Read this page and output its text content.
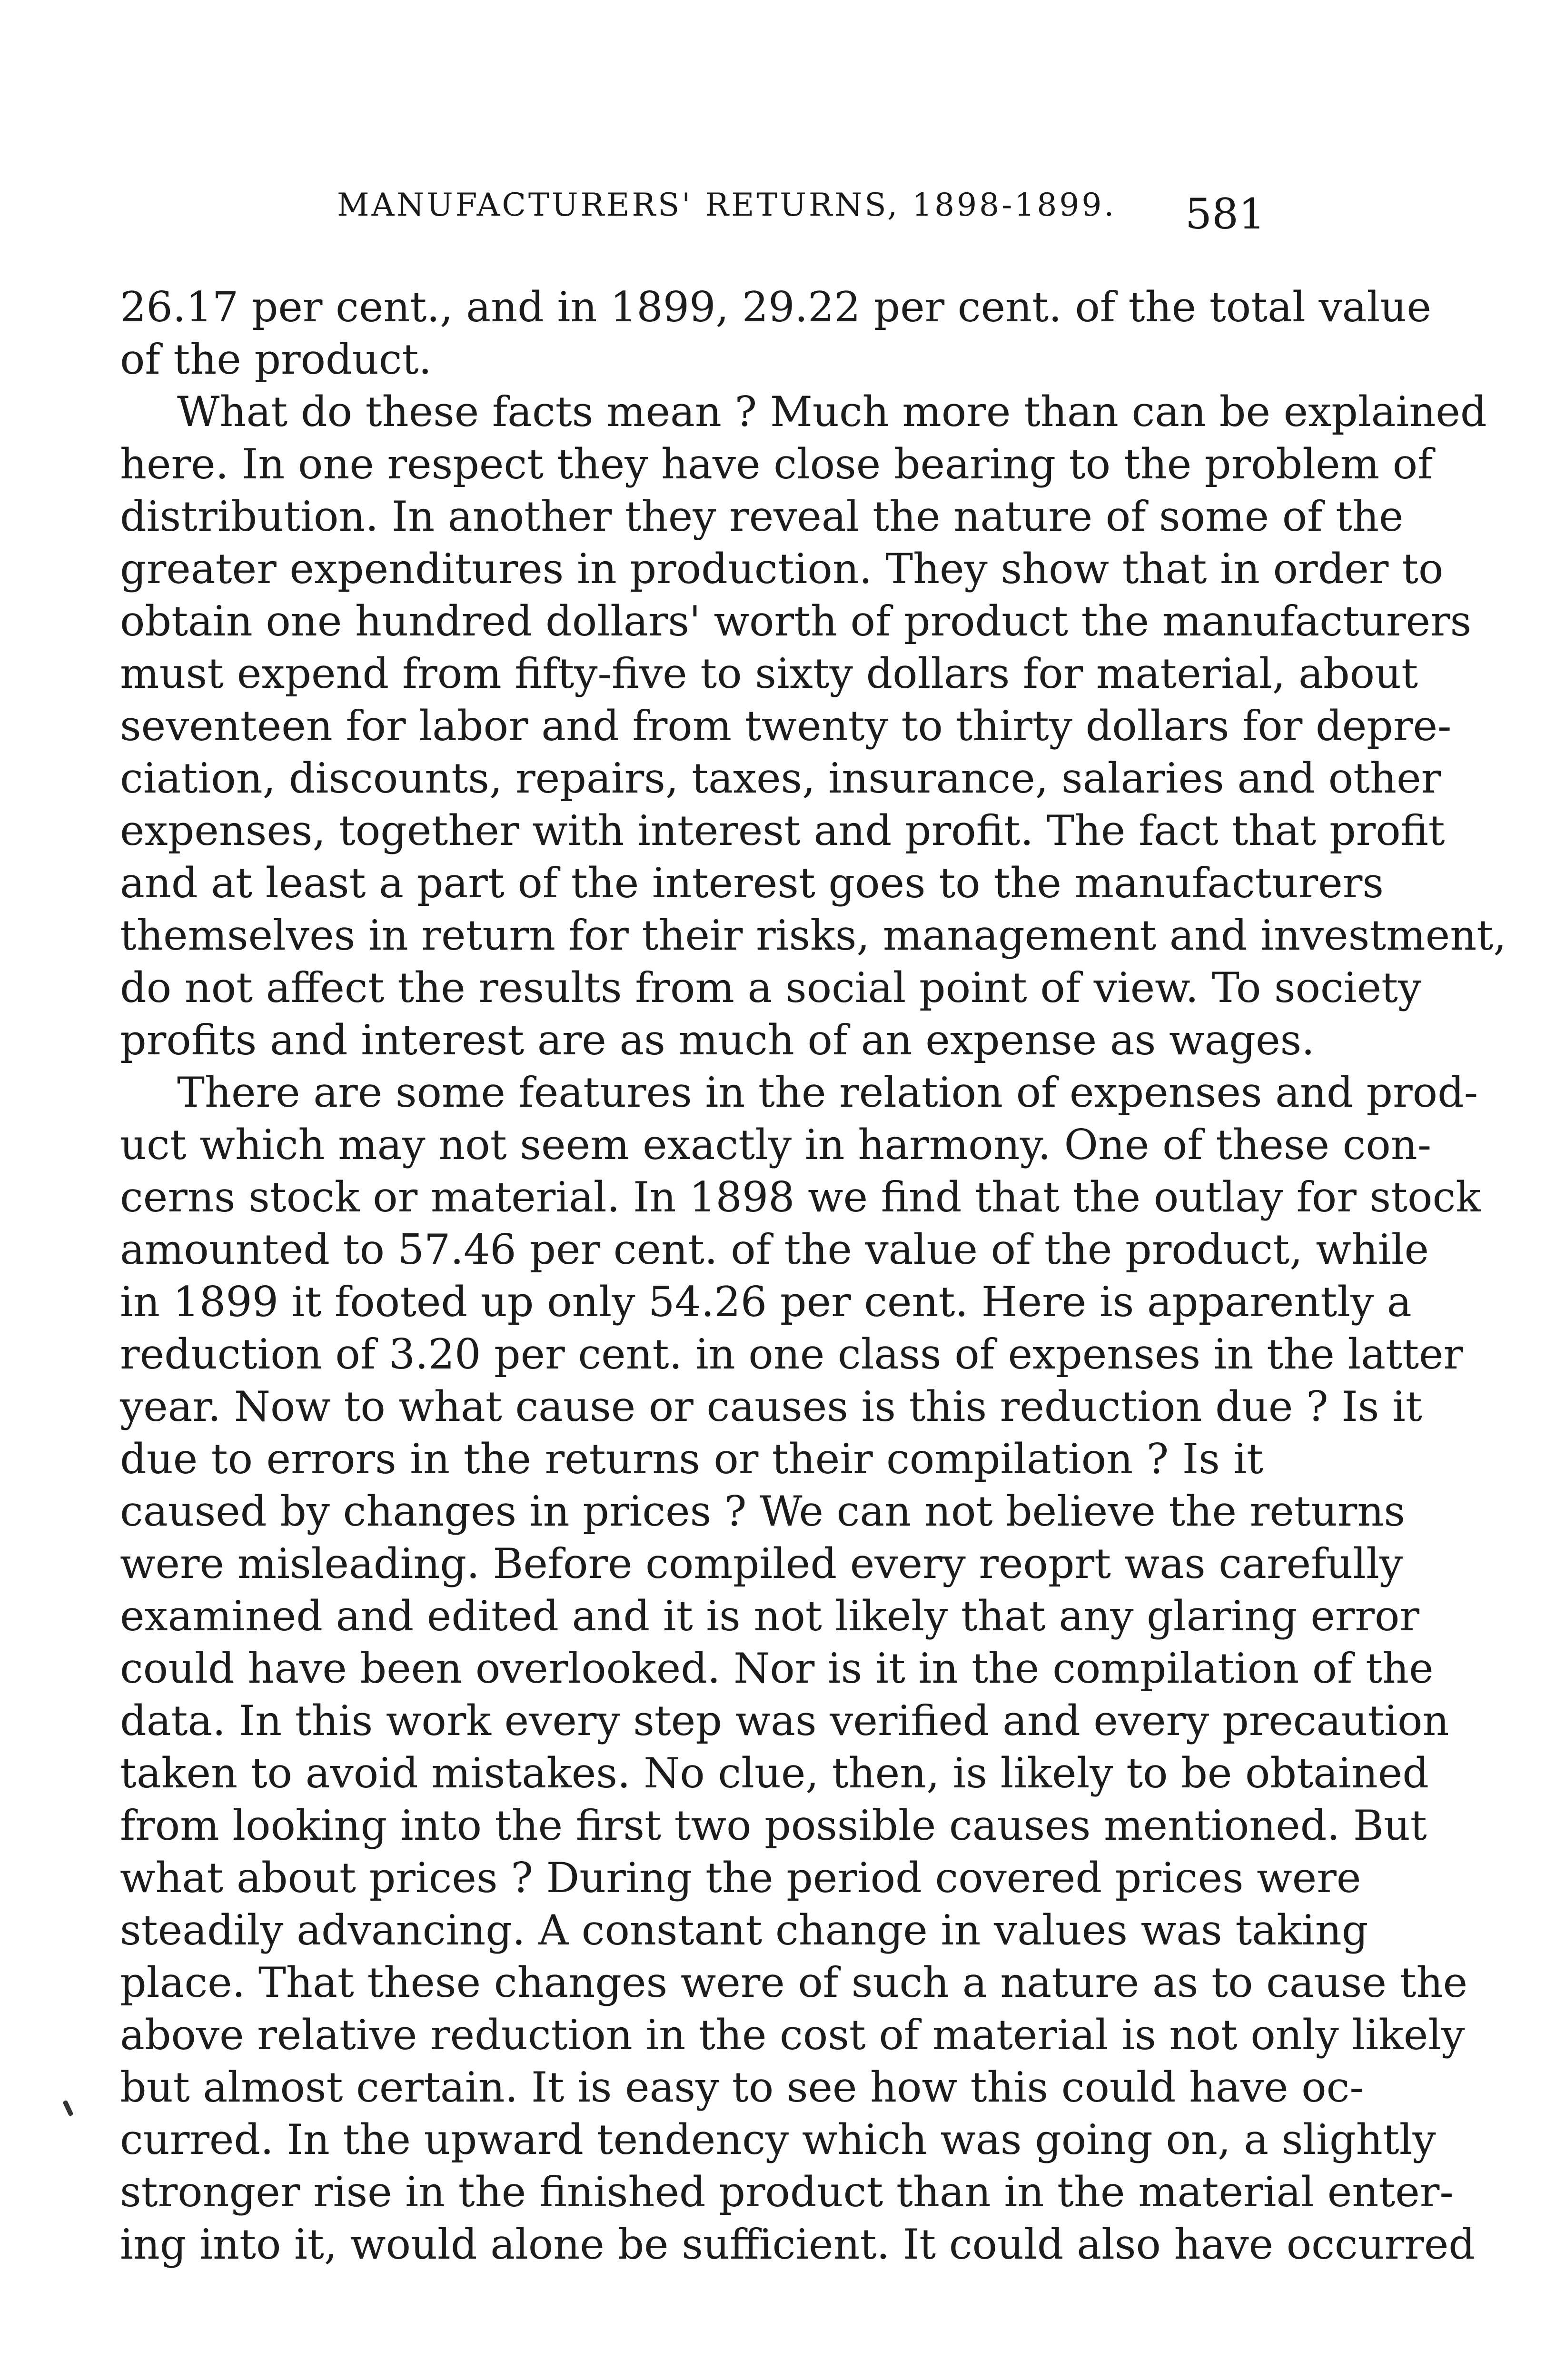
MANUFACTURERS' RETURNS, 1898-1899. 581
26.17 per cent., and in 1899, 29.22 per cent. of the total value
of the product.
What do these facts mean ? Much more than can be explained
here. In one respect they have close bearing to the problem of
distribution. In another they reveal the nature of some of the
greater expenditures in production. They show that in order to
obtain one hundred dollars' worth of product the manufacturers
must expend from fifty-five to sixty dollars for material, about
seventeen for labor and from twenty to thirty dollars for depre-
ciation, discounts, repairs, taxes, insurance, salaries and other
expenses, together with interest and profit. The fact that profit
and at least a part of the interest goes to the manufacturers
themselves in return for their risks, management and investment,
do not affect the results from a social point of view. To society
profits and interest are as much of an expense as wages.
There are some features in the relation of expenses and prod-
uct which may not seem exactly in harmony. One of these con-
cerns stock or material. In 1898 we find that the outlay for stock
amounted to 57.46 per cent. of the value of the product, while
in 1899 it footed up only 54.26 per cent. Here is apparently a
reduction of 3.20 per cent. in one class of expenses in the latter
year. Now to what cause or causes is this reduction due ? Is it
due to errors in the returns or their compilation ? Is it
caused by changes in prices ? We can not believe the returns
were misleading. Before compiled every reoprt was carefully
examined and edited and it is not likely that any glaring error
could have been overlooked. Nor is it in the compilation of the
data. In this work every step was verified and every precaution
taken to avoid mistakes. No clue, then, is likely to be obtained
from looking into the first two possible causes mentioned. But
what about prices ? During the period covered prices were
steadily advancing. A constant change in values was taking
place. That these changes were of such a nature as to cause the
above relative reduction in the cost of material is not only likely
but almost certain. It is easy to see how this could have oc-
curred. In the upward tendency which was going on, a slightly
stronger rise in the finished product than in the material enter-
ing into it, would alone be sufficient. It could also have occurred
